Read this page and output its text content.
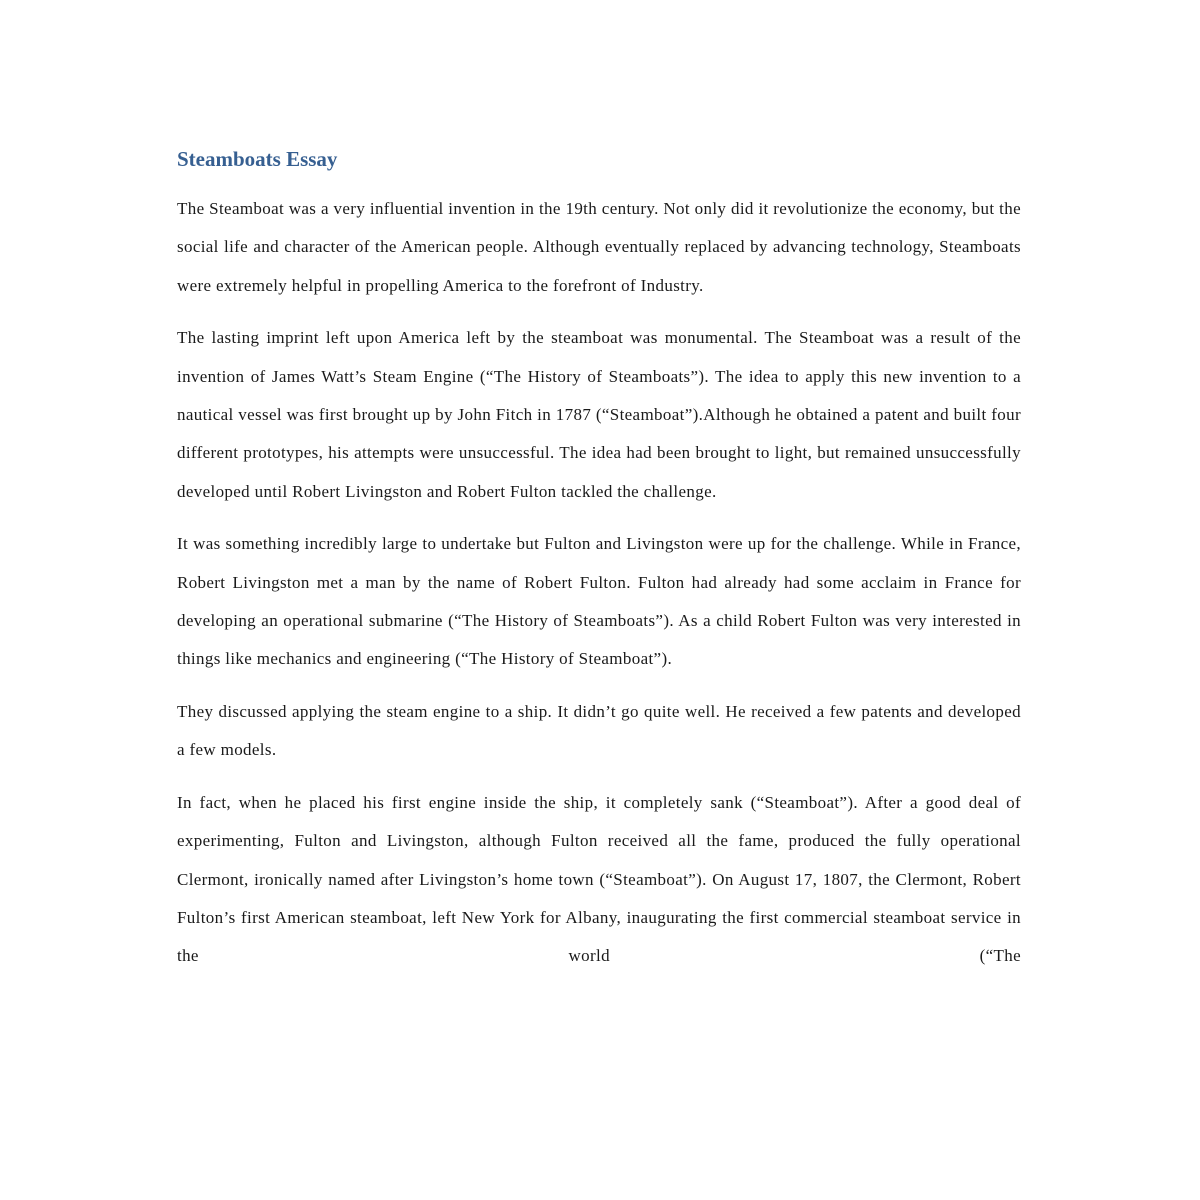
Steamboats Essay

The Steamboat was a very influential invention in the 19th century. Not only did it revolutionize the economy, but the social life and character of the American people. Although eventually replaced by advancing technology, Steamboats were extremely helpful in propelling America to the forefront of Industry.

The lasting imprint left upon America left by the steamboat was monumental. The Steamboat was a result of the invention of James Watt’s Steam Engine (“The History of Steamboats”). The idea to apply this new invention to a nautical vessel was first brought up by John Fitch in 1787 (“Steamboat”).Although he obtained a patent and built four different prototypes, his attempts were unsuccessful. The idea had been brought to light, but remained unsuccessfully developed until Robert Livingston and Robert Fulton tackled the challenge.

It was something incredibly large to undertake but Fulton and Livingston were up for the challenge. While in France, Robert Livingston met a man by the name of Robert Fulton. Fulton had already had some acclaim in France for developing an operational submarine (“The History of Steamboats”). As a child Robert Fulton was very interested in things like mechanics and engineering (“The History of Steamboat”).

They discussed applying the steam engine to a ship. It didn’t go quite well. He received a few patents and developed a few models.

In fact, when he placed his first engine inside the ship, it completely sank (“Steamboat”). After a good deal of experimenting, Fulton and Livingston, although Fulton received all the fame, produced the fully operational Clermont, ironically named after Livingston’s home town (“Steamboat”). On August 17, 1807, the Clermont, Robert Fulton’s first American steamboat, left New York for Albany, inaugurating the first commercial steamboat service in the world (“The
